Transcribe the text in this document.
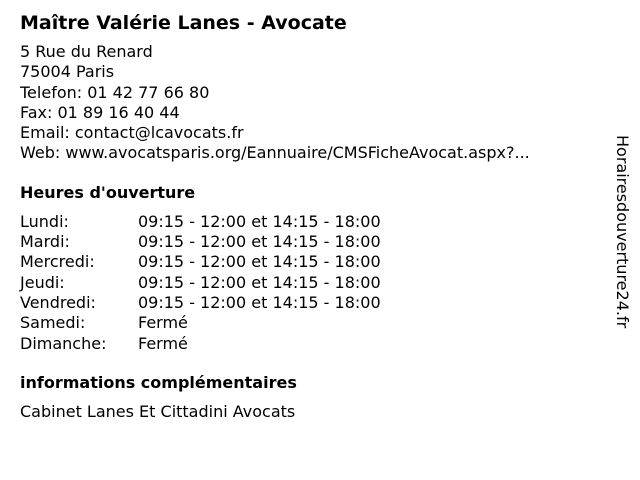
Maître Valérie Lanes - Avocate
5 Rue du Renard
75004 Paris
Telefon: 01 42 77 66 80
Fax: 01 89 16 40 44
Email: contact@lcavocats.fr
Web: www.avocatsparis.org/Eannuaire/CMSFicheAvocat.aspx?...
Heures d'ouverture
Lundi:	09:15 - 12:00 et 14:15 - 18:00
Mardi:	09:15 - 12:00 et 14:15 - 18:00
Mercredi:	09:15 - 12:00 et 14:15 - 18:00
Jeudi:	09:15 - 12:00 et 14:15 - 18:00
Vendredi:	09:15 - 12:00 et 14:15 - 18:00
Samedi:	Fermé
Dimanche: Fermé
informations complémentaires
Cabinet Lanes Et Cittadini Avocats
Horairesdouverture24.fr
